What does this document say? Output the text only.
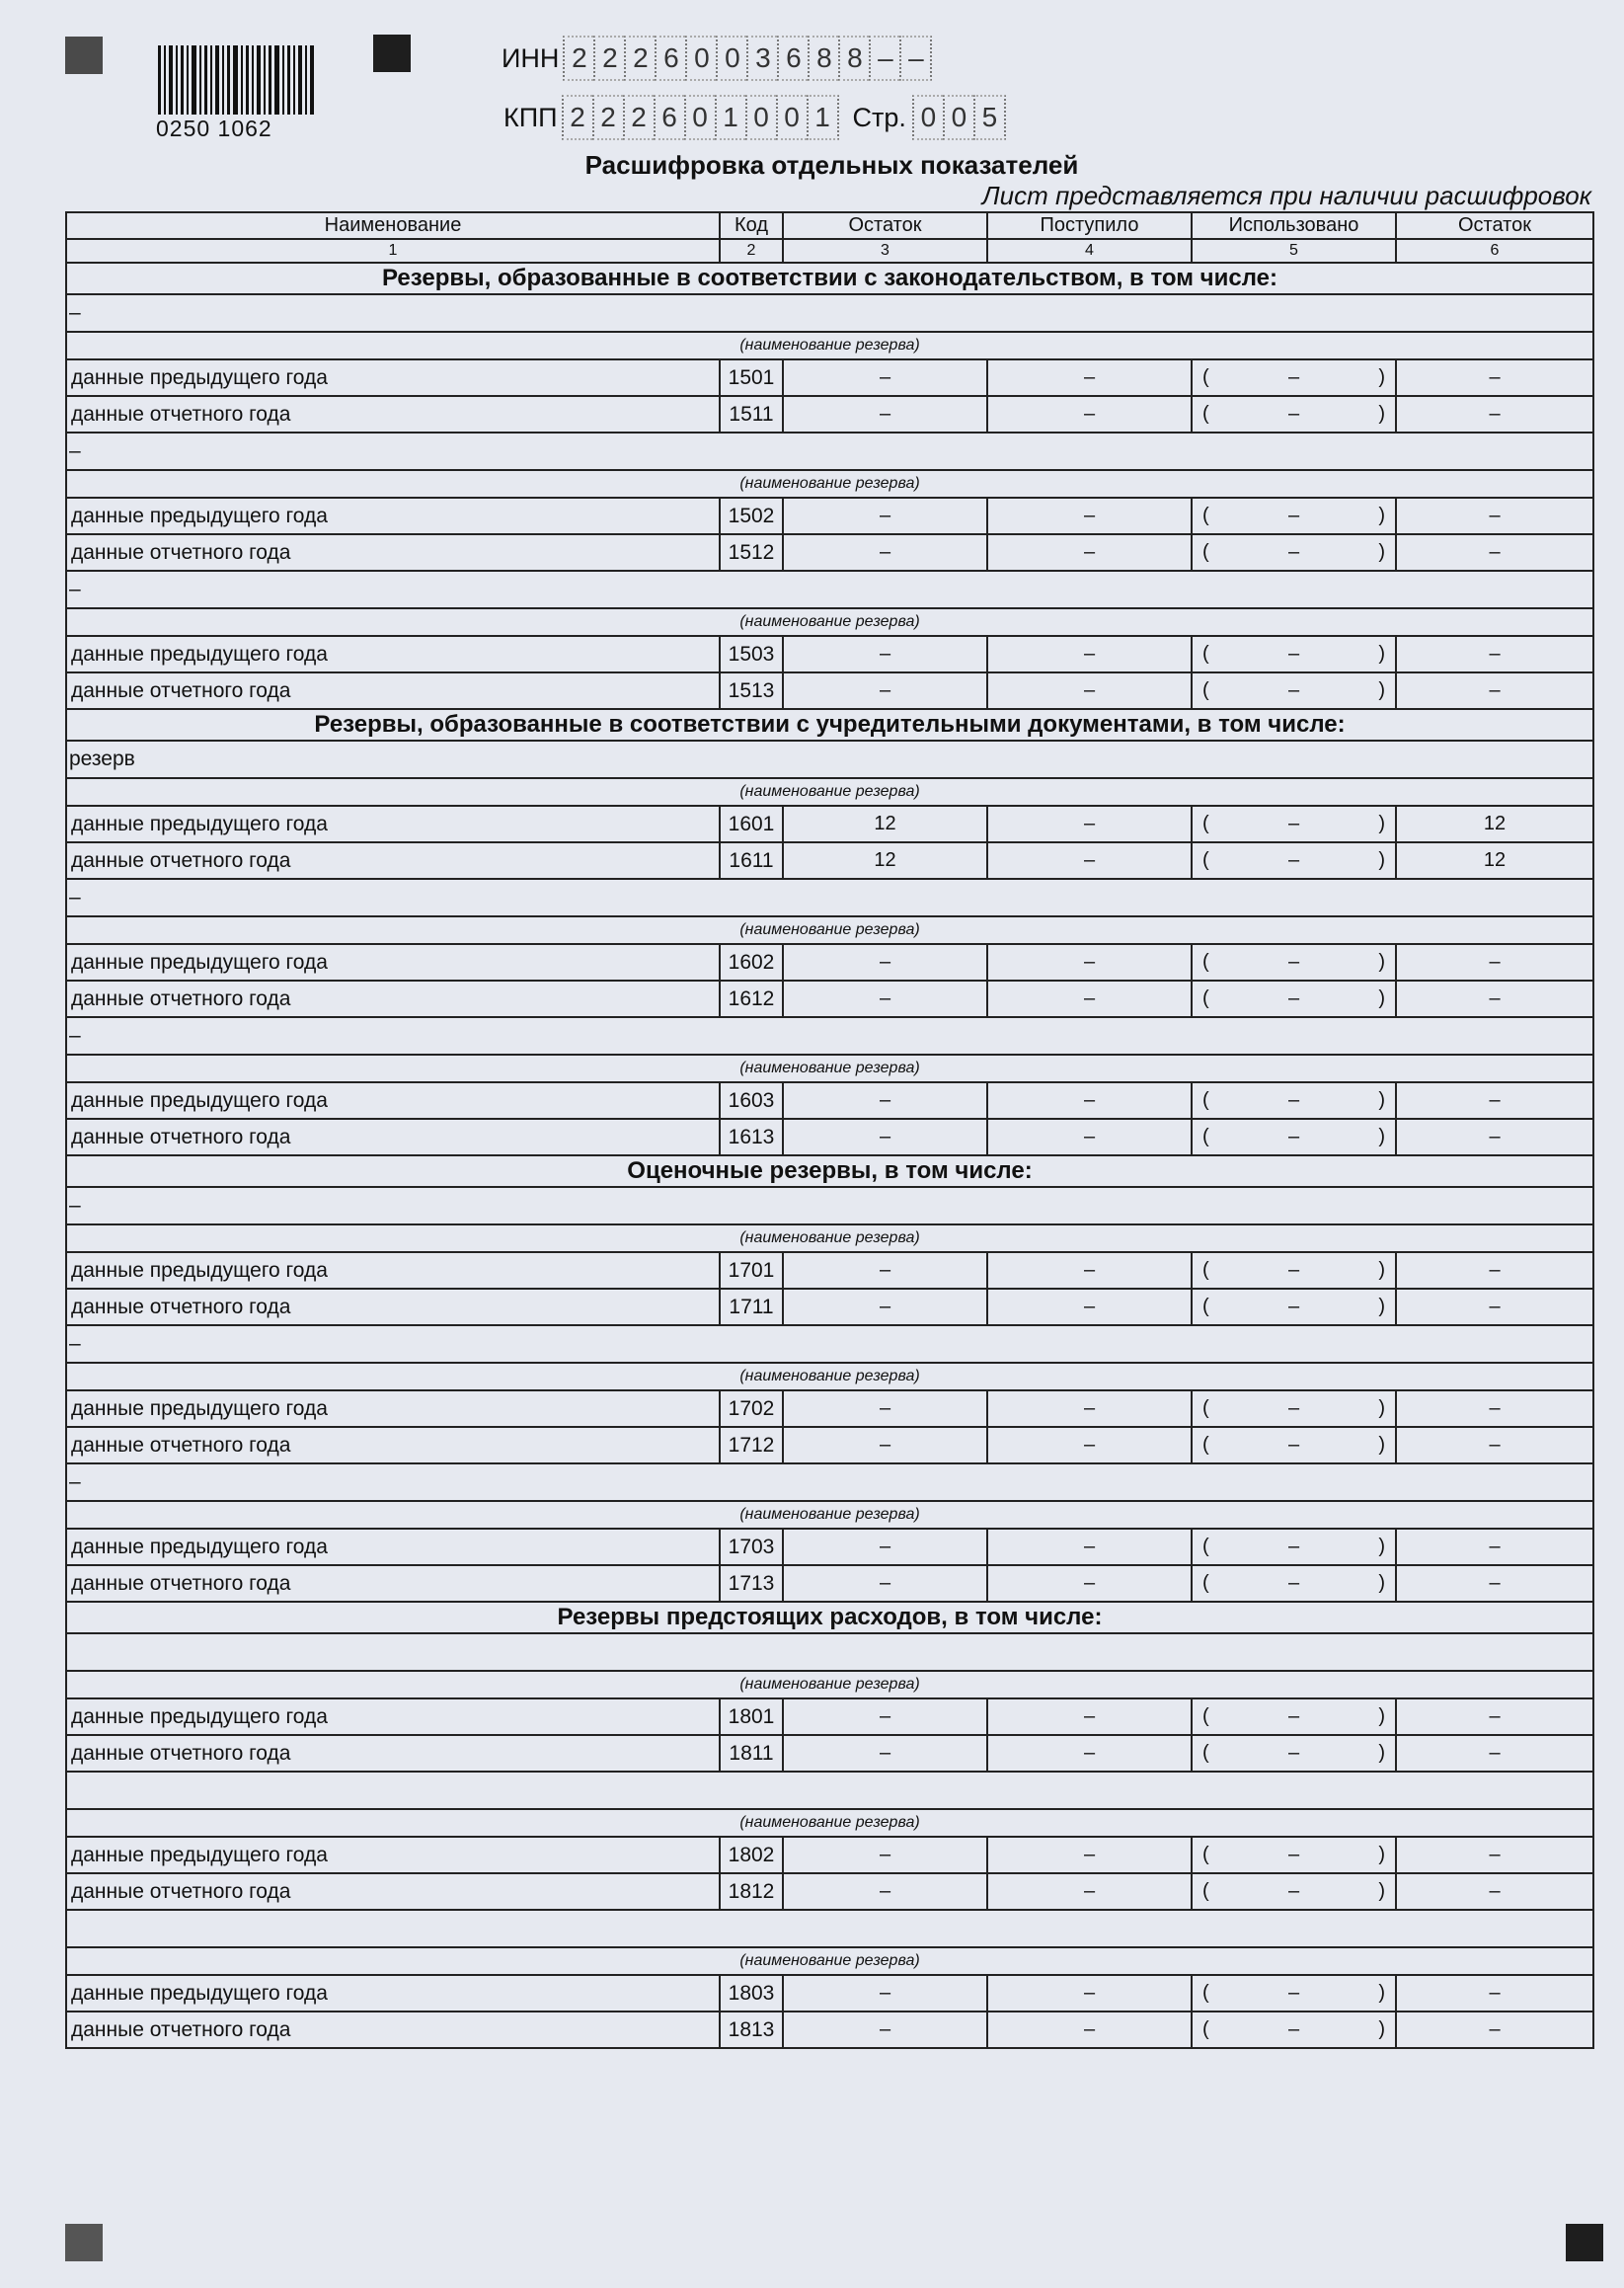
0250 1062
ИНН 2 2 2 6 0 0 3 6 8 8 – –
КПП 2 2 2 6 0 1 0 0 1 Стр. 0 0 5
Расшифровка отдельных показателей
Лист представляется при наличии расшифровок
Наименование	Код	Остаток	Поступило	Использовано	Остаток
1	2	3	4	5	6
Резервы, образованные в соответствии с законодательством, в том числе:					
–					
(наименование резерва)					
данные предыдущего года	1501	–	–	( – )	–
данные отчетного года	1511	–	–	( – )	–
–					
(наименование резерва)					
данные предыдущего года	1502	–	–	( – )	–
данные отчетного года	1512	–	–	( – )	–
–					
(наименование резерва)					
данные предыдущего года	1503	–	–	( – )	–
данные отчетного года	1513	–	–	( – )	–
Резервы, образованные в соответствии с учредительными документами, в том числе:					
резерв					
(наименование резерва)					
данные предыдущего года	1601	12	–	( – )	12
данные отчетного года	1611	12	–	( – )	12
–					
(наименование резерва)					
данные предыдущего года	1602	–	–	( – )	–
данные отчетного года	1612	–	–	( – )	–
–					
(наименование резерва)					
данные предыдущего года	1603	–	–	( – )	–
данные отчетного года	1613	–	–	( – )	–
Оценочные резервы, в том числе:					
–					
(наименование резерва)					
данные предыдущего года	1701	–	–	( – )	–
данные отчетного года	1711	–	–	( – )	–
–					
(наименование резерва)					
данные предыдущего года	1702	–	–	( – )	–
данные отчетного года	1712	–	–	( – )	–
–					
(наименование резерва)					
данные предыдущего года	1703	–	–	( – )	–
данные отчетного года	1713	–	–	( – )	–
Резервы предстоящих расходов, в том числе:					

(наименование резерва)					
данные предыдущего года	1801	–	–	( – )	–
данные отчетного года	1811	–	–	( – )	–

(наименование резерва)					
данные предыдущего года	1802	–	–	( – )	–
данные отчетного года	1812	–	–	( – )	–

(наименование резерва)					
данные предыдущего года	1803	–	–	( – )	–
данные отчетного года	1813	–	–	( – )	–
